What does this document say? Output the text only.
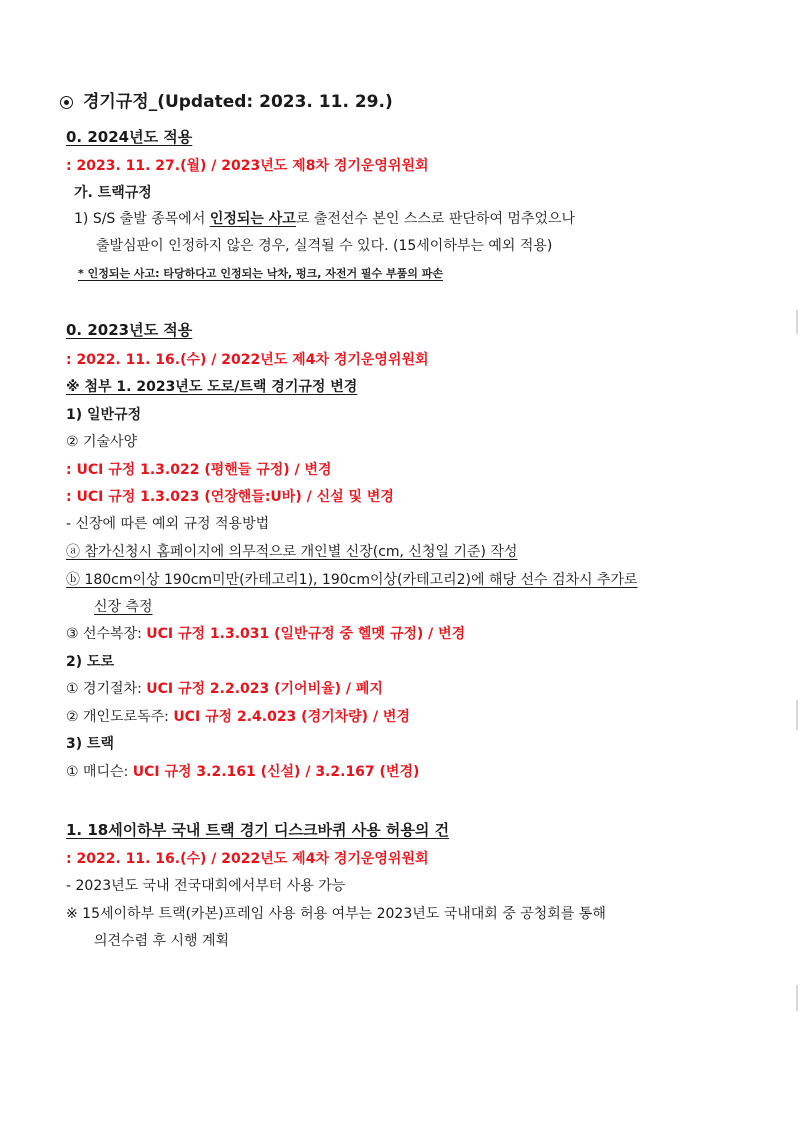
경기규정_(Updated: 2023. 11. 29.)
0. 2024년도 적용
: 2023. 11. 27.(월) / 2023년도 제8차 경기운영위원회
가. 트랙규정
1) S/S 출발 종목에서 인정되는 사고로 출전선수 본인 스스로 판단하여 멈추었으나
출발심판이 인정하지 않은 경우, 실격될 수 있다. (15세이하부는 예외 적용)
* 인정되는 사고: 타당하다고 인정되는 낙차, 펑크, 자전거 필수 부품의 파손
0. 2023년도 적용
: 2022. 11. 16.(수) / 2022년도 제4차 경기운영위원회
※ 첨부 1. 2023년도 도로/트랙 경기규정 변경
1) 일반규정
② 기술사양
: UCI 규정 1.3.022 (평핸들 규정) / 변경
: UCI 규정 1.3.023 (연장핸들:U바) / 신설 및 변경
- 신장에 따른 예외 규정 적용방법
ⓐ 참가신청시 홈페이지에 의무적으로 개인별 신장(cm, 신청일 기준) 작성
ⓑ 180cm이상 190cm미만(카테고리1), 190cm이상(카테고리2)에 해당 선수 검차시 추가로
신장 측정
③ 선수복장: UCI 규정 1.3.031 (일반규정 중 헬멧 규정) / 변경
2) 도로
① 경기절차: UCI 규정 2.2.023 (기어비율) / 폐지
② 개인도로독주: UCI 규정 2.4.023 (경기차량) / 변경
3) 트랙
① 매디슨: UCI 규정 3.2.161 (신설) / 3.2.167 (변경)
1. 18세이하부 국내 트랙 경기 디스크바퀴 사용 허용의 건
: 2022. 11. 16.(수) / 2022년도 제4차 경기운영위원회
- 2023년도 국내 전국대회에서부터 사용 가능
※ 15세이하부 트랙(카본)프레임 사용 허용 여부는 2023년도 국내대회 중 공청회를 통해
의견수렴 후 시행 계획
